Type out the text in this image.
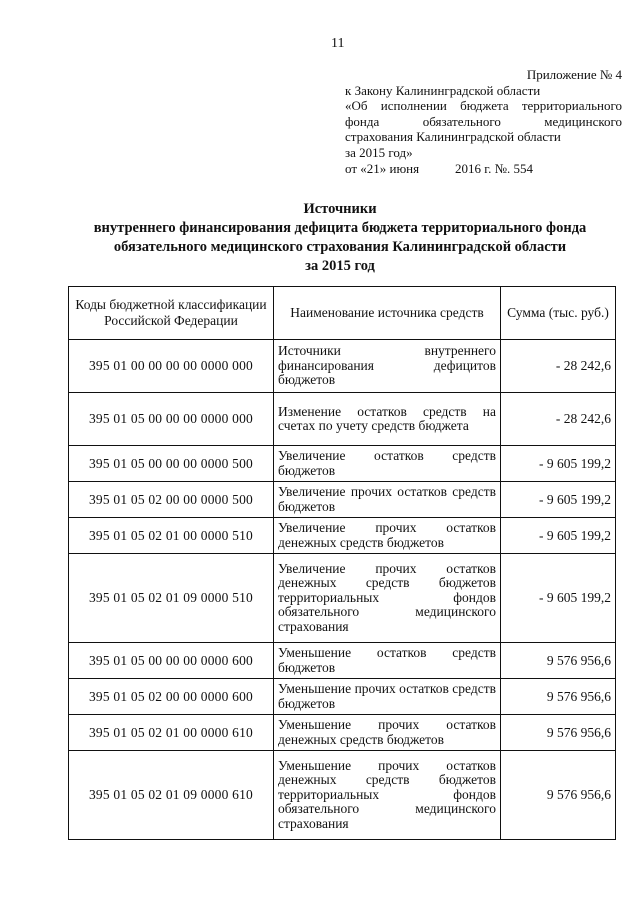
11
Приложение № 4
к Закону Калининградской области
«Об исполнении бюджета территориального
фонда обязательного медицинского
страхования Калининградской области
за 2015 год»
от «21» июня	2016 г. №. 554
Источники
внутреннего финансирования дефицита бюджета территориального фонда
обязательного медицинского страхования Калининградской области
за 2015 год
Коды бюджетной классификации Российской Федерации	Наименование источника средств	Сумма (тыс. руб.)
395 01 00 00 00 00 0000 000	Источники внутреннего финансирования дефицитов бюджетов	- 28 242,6
395 01 05 00 00 00 0000 000	Изменение остатков средств на счетах по учету средств бюджета	- 28 242,6
395 01 05 00 00 00 0000 500	Увеличение остатков средств бюджетов	- 9 605 199,2
395 01 05 02 00 00 0000 500	Увеличение прочих остатков средств бюджетов	- 9 605 199,2
395 01 05 02 01 00 0000 510	Увеличение прочих остатков денежных средств бюджетов	- 9 605 199,2
395 01 05 02 01 09 0000 510	Увеличение прочих остатков денежных средств бюджетов территориальных фондов обязательного медицинского страхования	- 9 605 199,2
395 01 05 00 00 00 0000 600	Уменьшение остатков средств бюджетов	9 576 956,6
395 01 05 02 00 00 0000 600	Уменьшение прочих остатков средств бюджетов	9 576 956,6
395 01 05 02 01 00 0000 610	Уменьшение прочих остатков денежных средств бюджетов	9 576 956,6
395 01 05 02 01 09 0000 610	Уменьшение прочих остатков денежных средств бюджетов территориальных фондов обязательного медицинского страхования	9 576 956,6
